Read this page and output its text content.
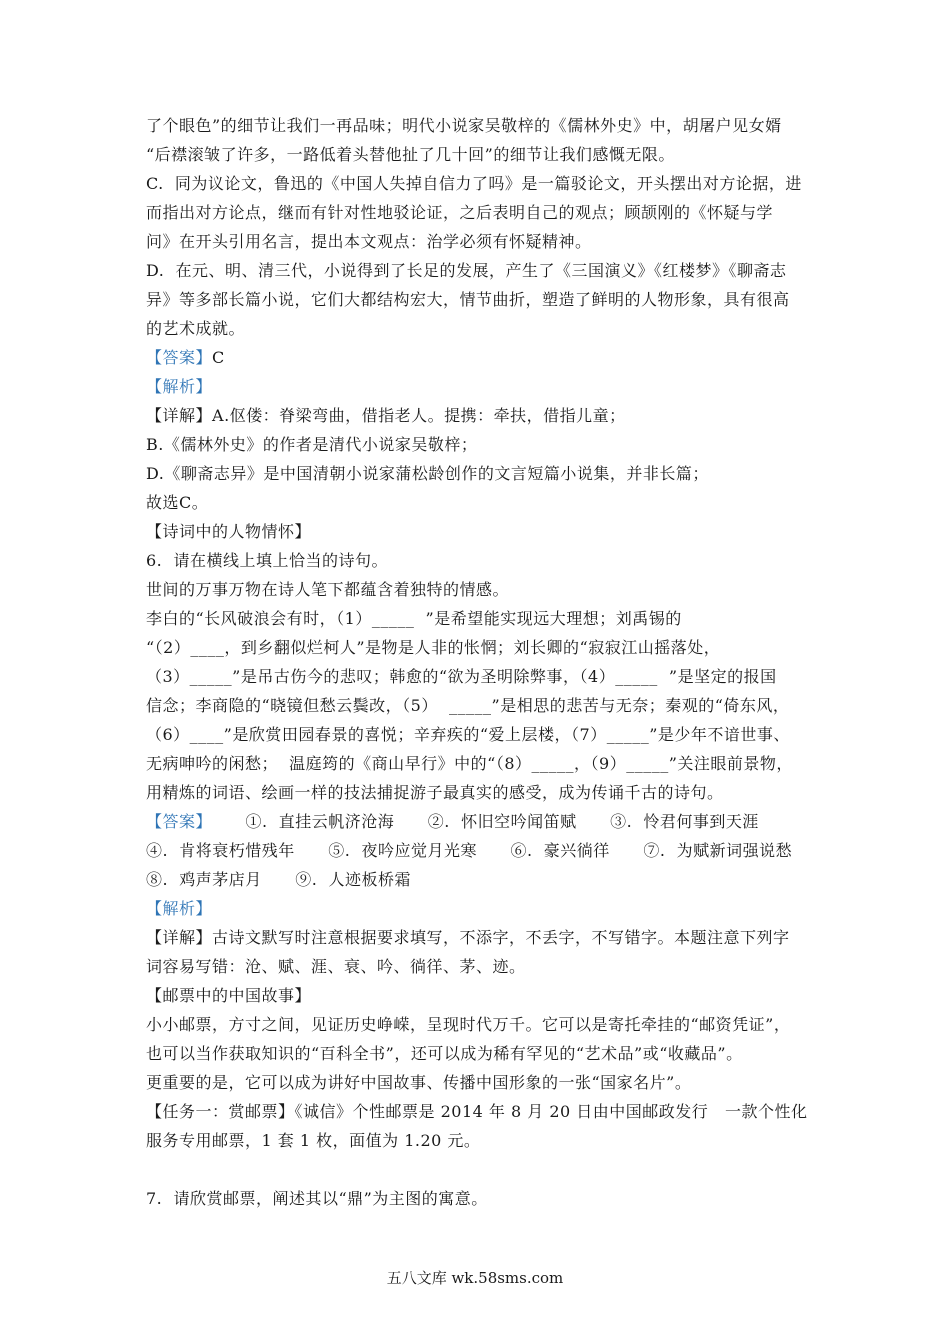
了个眼色”的细节让我们一再品味；明代小说家吴敬梓的《儒林外史》中，胡屠户见女婿
“后襟滚皱了许多，一路低着头替他扯了几十回”的细节让我们感慨无限。
C.  同为议论文，鲁迅的《中国人失掉自信力了吗》是一篇驳论文，开头摆出对方论据，进
而指出对方论点，继而有针对性地驳论证，之后表明自己的观点；顾颉刚的《怀疑与学
问》在开头引用名言，提出本文观点：治学必须有怀疑精神。
D.  在元、明、清三代，小说得到了长足的发展，产生了《三国演义》《红楼梦》《聊斋志
异》等多部长篇小说，它们大都结构宏大，情节曲折，塑造了鲜明的人物形象，具有很高
的艺术成就。
【答案】C
【解析】
【详解】A.伛偻：脊梁弯曲，借指老人。提携：牵扶，借指儿童；
B.《儒林外史》的作者是清代小说家吴敬梓；
D.《聊斋志异》是中国清朝小说家蒲松龄创作的文言短篇小说集，并非长篇；
故选C。
【诗词中的人物情怀】
6.  请在横线上填上恰当的诗句。
世间的万事万物在诗人笔下都蕴含着独特的情感。
李白的“长风破浪会有时，（1）_____  ”是希望能实现远大理想；刘禹锡的
“（2）____，到乡翻似烂柯人”是物是人非的怅惘；刘长卿的“寂寂江山摇落处，
（3）_____”是吊古伤今的悲叹；韩愈的“欲为圣明除弊事，（4）_____  ”是坚定的报国
信念；李商隐的“晓镜但愁云鬓改，（5）  _____”是相思的悲苦与无奈；秦观的“倚东风，
（6）____”是欣赏田园春景的喜悦；辛弃疾的“爱上层楼，（7）_____”是少年不谙世事、
无病呻吟的闲愁；  温庭筠的《商山早行》中的“（8）_____，（9）_____”关注眼前景物，
用精炼的词语、绘画一样的技法捕捉游子最真实的感受，成为传诵千古的诗句。
【答案】      ①.  直挂云帆济沧海      ②.  怀旧空吟闻笛赋      ③.  怜君何事到天涯
④.  肯将衰朽惜残年      ⑤.  夜吟应觉月光寒      ⑥.  豪兴徜徉      ⑦.  为赋新词强说愁
⑧.  鸡声茅店月      ⑨.  人迹板桥霜
【解析】
【详解】古诗文默写时注意根据要求填写，不添字，不丢字，不写错字。本题注意下列字
词容易写错：沧、赋、涯、衰、吟、徜徉、茅、迹。
【邮票中的中国故事】
小小邮票，方寸之间，见证历史峥嵘，呈现时代万千。它可以是寄托牵挂的“邮资凭证”，
也可以当作获取知识的“百科全书”，还可以成为稀有罕见的“艺术品”或“收藏品”。
更重要的是，它可以成为讲好中国故事、传播中国形象的一张“国家名片”。
【任务一：赏邮票】《诚信》个性邮票是 2014 年 8 月 20 日由中国邮政发行   一款个性化
服务专用邮票，1 套 1 枚，面值为 1.20 元。
7.  请欣赏邮票，阐述其以“鼎”为主图的寓意。
五八文库 wk.58sms.com
